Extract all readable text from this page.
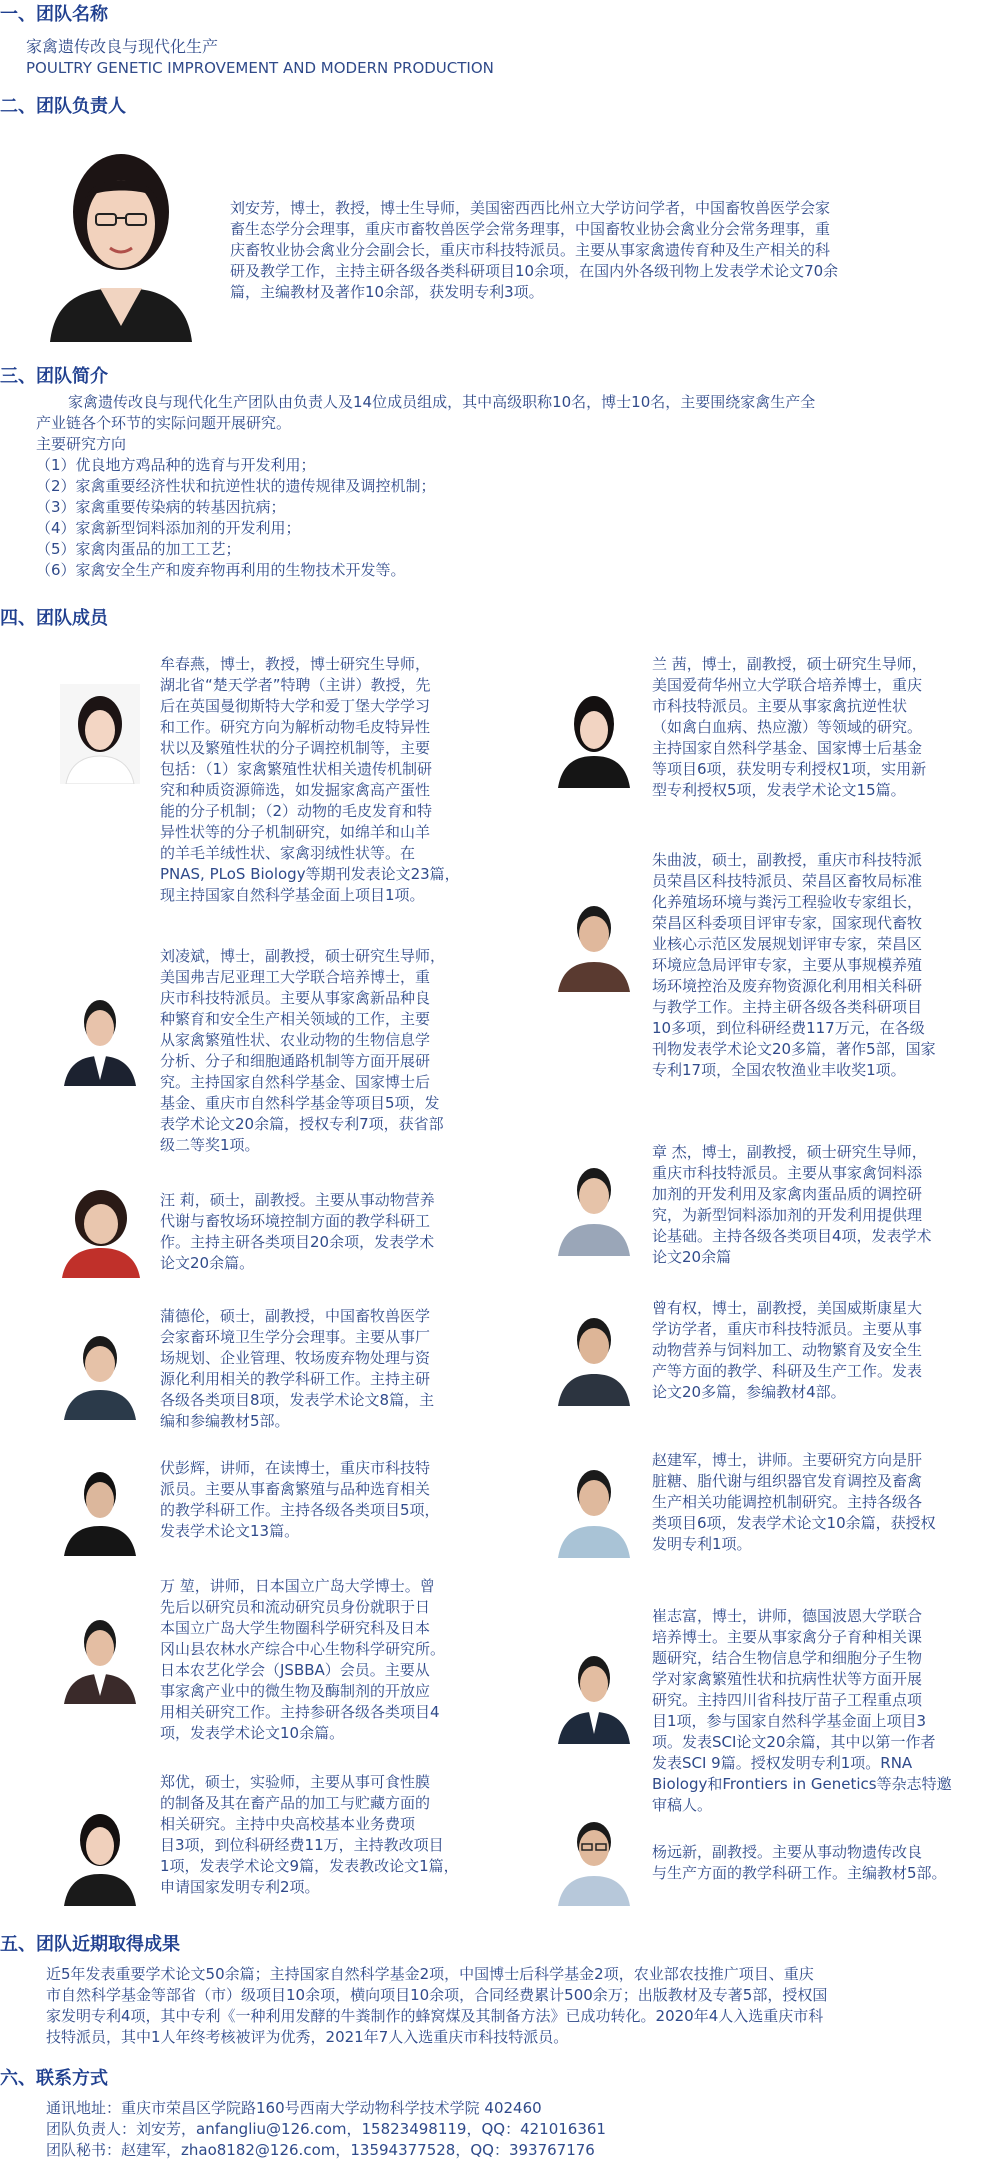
一、团队名称
家禽遗传改良与现代化生产
POULTRY GENETIC IMPROVEMENT AND MODERN PRODUCTION
二、团队负责人
刘安芳，博士，教授，博士生导师，美国密西西比州立大学访问学者，中国畜牧兽医学会家
畜生态学分会理事，重庆市畜牧兽医学会常务理事，中国畜牧业协会禽业分会常务理事，重
庆畜牧业协会禽业分会副会长，重庆市科技特派员。主要从事家禽遗传育种及生产相关的科
研及教学工作，主持主研各级各类科研项目10余项，在国内外各级刊物上发表学术论文70余
篇，主编教材及著作10余部，获发明专利3项。
三、团队简介
家禽遗传改良与现代化生产团队由负责人及14位成员组成，其中高级职称10名，博士10名，主要围绕家禽生产全
产业链各个环节的实际问题开展研究。
主要研究方向
（1）优良地方鸡品种的选育与开发利用；
（2）家禽重要经济性状和抗逆性状的遗传规律及调控机制；
（3）家禽重要传染病的转基因抗病；
（4）家禽新型饲料添加剂的开发利用；
（5）家禽肉蛋品的加工工艺；
（6）家禽安全生产和废弃物再利用的生物技术开发等。
四、团队成员
牟春燕，博士，教授，博士研究生导师，
湖北省“楚天学者”特聘（主讲）教授，先
后在英国曼彻斯特大学和爱丁堡大学学习
和工作。研究方向为解析动物毛皮特异性
状以及繁殖性状的分子调控机制等，主要
包括：（1）家禽繁殖性状相关遗传机制研
究和种质资源筛选，如发掘家禽高产蛋性
能的分子机制；（2）动物的毛皮发育和特
异性状等的分子机制研究，如绵羊和山羊
的羊毛羊绒性状、家禽羽绒性状等。在
PNAS, PLoS Biology等期刊发表论文23篇，
现主持国家自然科学基金面上项目1项。
刘凌斌，博士，副教授，硕士研究生导师，
美国弗吉尼亚理工大学联合培养博士，重
庆市科技特派员。主要从事家禽新品种良
种繁育和安全生产相关领域的工作，主要
从家禽繁殖性状、农业动物的生物信息学
分析、分子和细胞通路机制等方面开展研
究。主持国家自然科学基金、国家博士后
基金、重庆市自然科学基金等项目5项，发
表学术论文20余篇，授权专利7项，获省部
级二等奖1项。
汪 莉，硕士，副教授。主要从事动物营养
代谢与畜牧场环境控制方面的教学科研工
作。主持主研各类项目20余项，发表学术
论文20余篇。
蒲德伦，硕士，副教授，中国畜牧兽医学
会家畜环境卫生学分会理事。主要从事厂
场规划、企业管理、牧场废弃物处理与资
源化利用相关的教学科研工作。主持主研
各级各类项目8项，发表学术论文8篇，主
编和参编教材5部。
伏彭辉，讲师，在读博士，重庆市科技特
派员。主要从事畜禽繁殖与品种选育相关
的教学科研工作。主持各级各类项目5项，
发表学术论文13篇。
万 堃，讲师，日本国立广岛大学博士。曾
先后以研究员和流动研究员身份就职于日
本国立广岛大学生物圈科学研究科及日本
冈山县农林水产综合中心生物科学研究所。
日本农艺化学会（JSBBA）会员。主要从
事家禽产业中的微生物及酶制剂的开放应
用相关研究工作。主持参研各级各类项目4
项，发表学术论文10余篇。
郑优，硕士，实验师，主要从事可食性膜
的制备及其在畜产品的加工与贮藏方面的
相关研究。主持中央高校基本业务费项
目3项，到位科研经费11万，主持教改项目
1项，发表学术论文9篇，发表教改论文1篇，
申请国家发明专利2项。
兰 茜，博士，副教授，硕士研究生导师，
美国爱荷华州立大学联合培养博士，重庆
市科技特派员。主要从事家禽抗逆性状
（如禽白血病、热应激）等领域的研究。
主持国家自然科学基金、国家博士后基金
等项目6项，获发明专利授权1项，实用新
型专利授权5项，发表学术论文15篇。
朱曲波，硕士，副教授，重庆市科技特派
员荣昌区科技特派员、荣昌区畜牧局标准
化养殖场环境与粪污工程验收专家组长，
荣昌区科委项目评审专家，国家现代畜牧
业核心示范区发展规划评审专家，荣昌区
环境应急局评审专家，主要从事规模养殖
场环境控治及废弃物资源化利用相关科研
与教学工作。主持主研各级各类科研项目
10多项，到位科研经费117万元，在各级
刊物发表学术论文20多篇，著作5部，国家
专利17项，全国农牧渔业丰收奖1项。
章 杰，博士，副教授，硕士研究生导师，
重庆市科技特派员。主要从事家禽饲料添
加剂的开发利用及家禽肉蛋品质的调控研
究，为新型饲料添加剂的开发利用提供理
论基础。主持各级各类项目4项，发表学术
论文20余篇
曾有权，博士，副教授，美国威斯康星大
学访学者，重庆市科技特派员。主要从事
动物营养与饲料加工、动物繁育及安全生
产等方面的教学、科研及生产工作。发表
论文20多篇，参编教材4部。
赵建军，博士，讲师。主要研究方向是肝
脏糖、脂代谢与组织器官发育调控及畜禽
生产相关功能调控机制研究。主持各级各
类项目6项，发表学术论文10余篇，获授权
发明专利1项。
崔志富，博士，讲师，德国波恩大学联合
培养博士。主要从事家禽分子育种相关课
题研究，结合生物信息学和细胞分子生物
学对家禽繁殖性状和抗病性状等方面开展
研究。主持四川省科技厅苗子工程重点项
目1项，参与国家自然科学基金面上项目3
项。发表SCI论文20余篇，其中以第一作者
发表SCI 9篇。授权发明专利1项。RNA
Biology和Frontiers in Genetics等杂志特邀
审稿人。
杨远新，副教授。主要从事动物遗传改良
与生产方面的教学科研工作。主编教材5部。
五、团队近期取得成果
近5年发表重要学术论文50余篇；主持国家自然科学基金2项，中国博士后科学基金2项，农业部农技推广项目、重庆
市自然科学基金等部省（市）级项目10余项，横向项目10余项，合同经费累计500余万；出版教材及专著5部，授权国
家发明专利4项，其中专利《一种利用发酵的牛粪制作的蜂窝煤及其制备方法》已成功转化。2020年4人入选重庆市科
技特派员，其中1人年终考核被评为优秀，2021年7人入选重庆市科技特派员。
六、联系方式
通讯地址：重庆市荣昌区学院路160号西南大学动物科学技术学院 402460
团队负责人：刘安芳，anfangliu@126.com，15823498119，QQ：421016361
团队秘书：赵建军，zhao8182@126.com，13594377528，QQ：393767176
